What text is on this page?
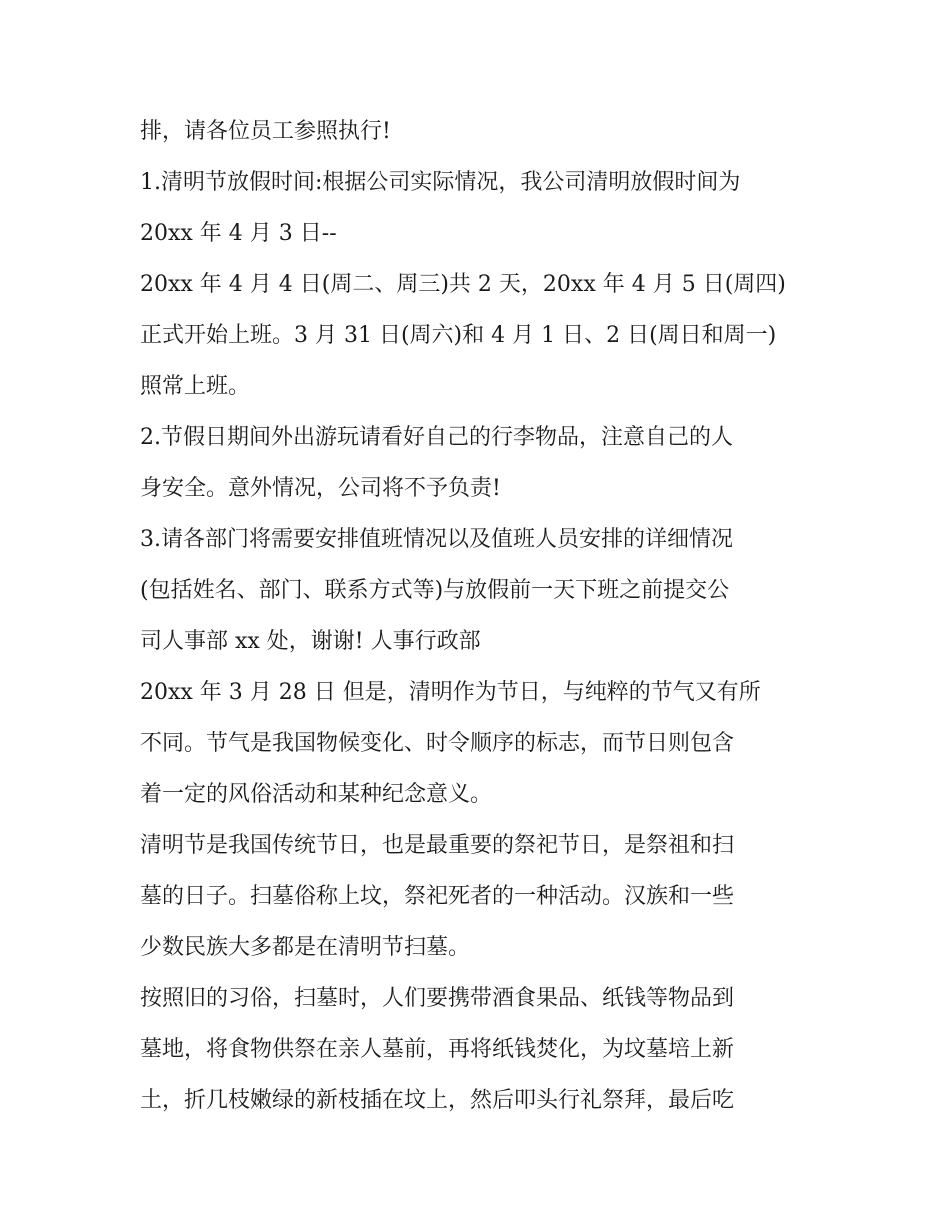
排，请各位员工参照执行!
1.清明节放假时间:根据公司实际情况，我公司清明放假时间为
20xx 年 4 月 3 日--
20xx 年 4 月 4 日(周二、周三)共 2 天，20xx 年 4 月 5 日(周四)
正式开始上班。3 月 31 日(周六)和 4 月 1 日、2 日(周日和周一)
照常上班。
2.节假日期间外出游玩请看好自己的行李物品，注意自己的人
身安全。意外情况，公司将不予负责!
3.请各部门将需要安排值班情况以及值班人员安排的详细情况
(包括姓名、部门、联系方式等)与放假前一天下班之前提交公
司人事部 xx 处，谢谢! 人事行政部
20xx 年 3 月 28 日 但是，清明作为节日，与纯粹的节气又有所
不同。节气是我国物候变化、时令顺序的标志，而节日则包含
着一定的风俗活动和某种纪念意义。
清明节是我国传统节日，也是最重要的祭祀节日，是祭祖和扫
墓的日子。扫墓俗称上坟，祭祀死者的一种活动。汉族和一些
少数民族大多都是在清明节扫墓。
按照旧的习俗，扫墓时，人们要携带酒食果品、纸钱等物品到
墓地，将食物供祭在亲人墓前，再将纸钱焚化，为坟墓培上新
土，折几枝嫩绿的新枝插在坟上，然后叩头行礼祭拜，最后吃
